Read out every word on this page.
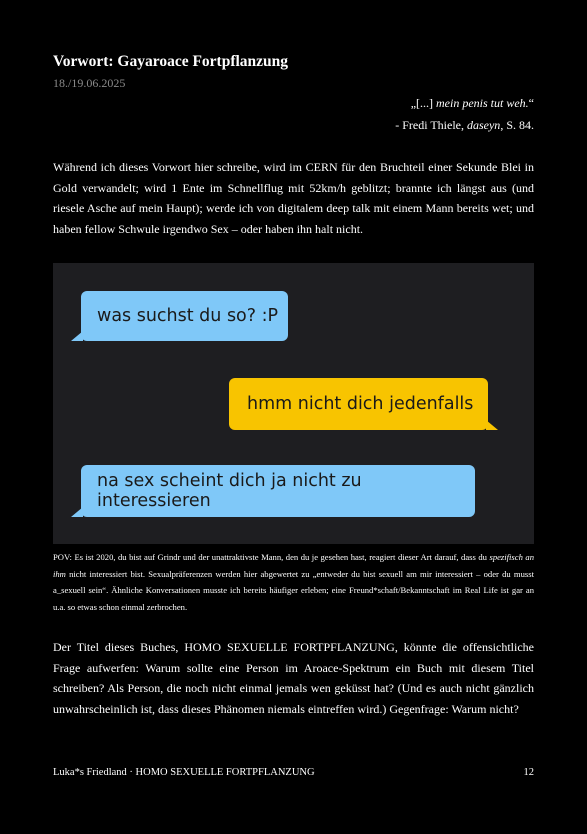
Vorwort: Gayaroace Fortpflanzung
18./19.06.2025
„[...] mein penis tut weh.“
- Fredi Thiele, daseyn, S. 84.
Während ich dieses Vorwort hier schreibe, wird im CERN für den Bruchteil einer Sekunde Blei in Gold verwandelt; wird 1 Ente im Schnellflug mit 52km/h geblitzt; brannte ich längst aus (und riesele Asche auf mein Haupt); werde ich von digitalem deep talk mit einem Mann bereits wet; und haben fellow Schwule irgendwo Sex – oder haben ihn halt nicht.
was suchst du so? :P
hmm nicht dich jedenfalls
na sex scheint dich ja nicht zu interessieren
POV: Es ist 2020, du bist auf Grindr und der unattraktivste Mann, den du je gesehen hast, reagiert dieser Art darauf, dass du spezifisch an ihm nicht interessiert bist. Sexualpräferenzen werden hier abgewertet zu „entweder du bist sexuell am mir interessiert – oder du musst a_sexuell sein“. Ähnliche Konversationen musste ich bereits häufiger erleben; eine Freund*schaft/Bekanntschaft im Real Life ist gar an u.a. so etwas schon einmal zerbrochen.
Der Titel dieses Buches, HOMO SEXUELLE FORTPFLANZUNG, könnte die offensichtliche Frage aufwerfen: Warum sollte eine Person im Aroace-Spektrum ein Buch mit diesem Titel schreiben? Als Person, die noch nicht einmal jemals wen geküsst hat? (Und es auch nicht gänzlich unwahrscheinlich ist, dass dieses Phänomen niemals eintreffen wird.) Gegenfrage: Warum nicht?
Luka*s Friedland · HOMO SEXUELLE FORTPFLANZUNG	12
